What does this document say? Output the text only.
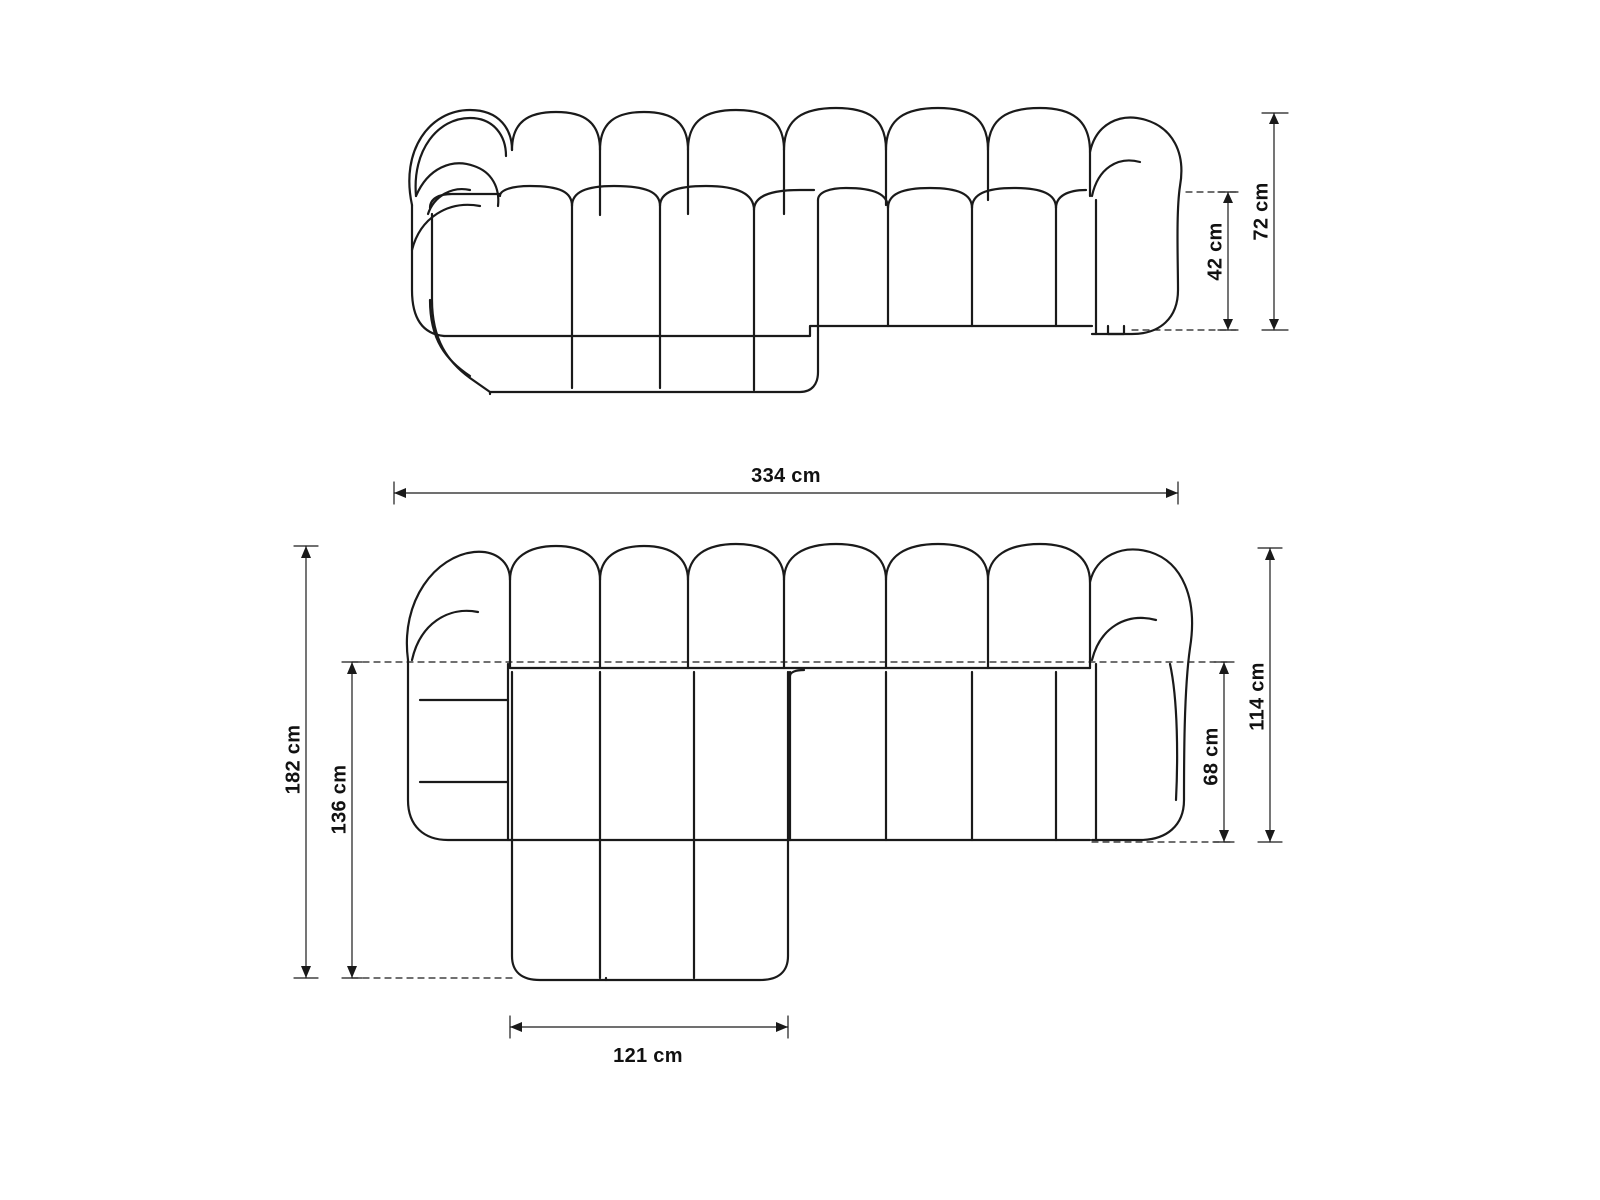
72 cm
42 cm
334 cm
182 cm
136 cm
68 cm
114 cm
121 cm
